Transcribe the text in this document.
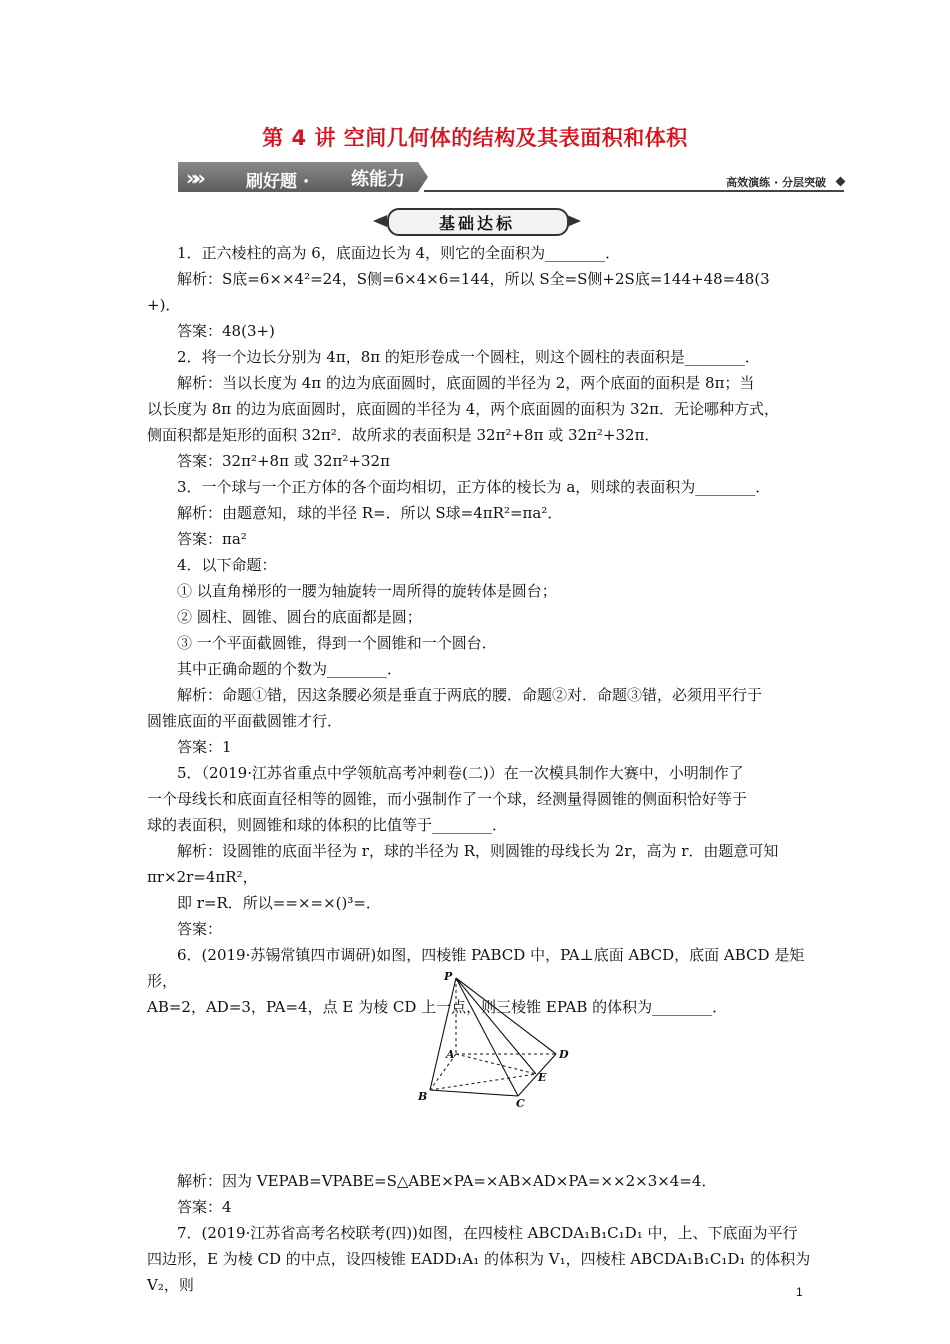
第 4 讲 空间几何体的结构及其表面积和体积
»»	刷好题 · 练能力	高效演练 · 分层突破
基础达标

1．正六棱柱的高为 6，底面边长为 4，则它的全面积为________．

解析：S底=6××4²=24，S侧=6×4×6=144，所以 S全=S侧+2S底=144+48=48(3

+)．

答案：48(3+)

2．将一个边长分别为 4π，8π 的矩形卷成一个圆柱，则这个圆柱的表面积是________．

解析：当以长度为 4π 的边为底面圆时，底面圆的半径为 2，两个底面的面积是 8π；当

以长度为 8π 的边为底面圆时，底面圆的半径为 4，两个底面圆的面积为 32π．无论哪种方式，

侧面积都是矩形的面积 32π²．故所求的表面积是 32π²+8π 或 32π²+32π．

答案：32π²+8π 或 32π²+32π

3．一个球与一个正方体的各个面均相切，正方体的棱长为 a，则球的表面积为________．

解析：由题意知，球的半径 R=．所以 S球=4πR²=πa²．

答案：πa²

4．以下命题：

① 以直角梯形的一腰为轴旋转一周所得的旋转体是圆台；

② 圆柱、圆锥、圆台的底面都是圆；

③ 一个平面截圆锥，得到一个圆锥和一个圆台．

其中正确命题的个数为________．

解析：命题①错，因这条腰必须是垂直于两底的腰．命题②对．命题③错，必须用平行于

圆锥底面的平面截圆锥才行．

答案：1

5．（2019·江苏省重点中学领航高考冲刺卷(二)）在一次模具制作大赛中，小明制作了

一个母线长和底面直径相等的圆锥，而小强制作了一个球，经测量得圆锥的侧面积恰好等于

球的表面积，则圆锥和球的体积的比值等于________．

解析：设圆锥的底面半径为 r，球的半径为 R，则圆锥的母线长为 2r，高为 r．由题意可知

πr×2r=4πR²，

即 r=R．所以==×=×()³=．

答案：

6．(2019·苏锡常镇四市调研)如图，四棱锥 PABCD 中，PA⊥底面 ABCD，底面 ABCD 是矩形，

AB=2，AD=3，PA=4，点 E 为棱 CD 上一点，则三棱锥 EPAB 的体积为________．

解析：因为 VEPAB=VPABE=S△ABE×PA=×AB×AD×PA=××2×3×4=4．

答案：4

7．(2019·江苏省高考名校联考(四))如图，在四棱柱 ABCDA₁B₁C₁D₁ 中，上、下底面为平行

四边形，E 为棱 CD 的中点，设四棱锥 EADD₁A₁ 的体积为 V₁，四棱柱 ABCDA₁B₁C₁D₁ 的体积为 V₂，则

P
A
B
C
D
E
1
